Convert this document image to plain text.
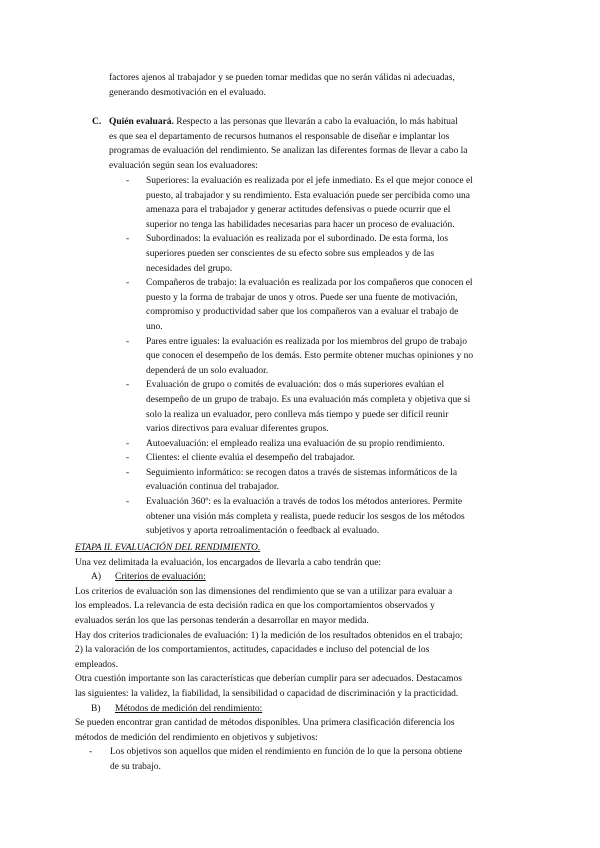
factores ajenos al trabajador y se pueden tomar medidas que no serán válidas ni adecuadas,
generando desmotivación en el evaluado.
C. Quién evaluará. Respecto a las personas que llevarán a cabo la evaluación, lo más habitual
es que sea el departamento de recursos humanos el responsable de diseñar e implantar los
programas de evaluación del rendimiento. Se analizan las diferentes formas de llevar a cabo la
evaluación según sean los evaluadores:
- Superiores: la evaluación es realizada por el jefe inmediato. Es el que mejor conoce el
puesto, al trabajador y su rendimiento. Esta evaluación puede ser percibida como una
amenaza para el trabajador y generar actitudes defensivas o puede ocurrir que el
superior no tenga las habilidades necesarias para hacer un proceso de evaluación.
- Subordinados: la evaluación es realizada por el subordinado. De esta forma, los
superiores pueden ser conscientes de su efecto sobre sus empleados y de las
necesidades del grupo.
- Compañeros de trabajo: la evaluación es realizada por los compañeros que conocen el
puesto y la forma de trabajar de unos y otros. Puede ser una fuente de motivación,
compromiso y productividad saber que los compañeros van a evaluar el trabajo de
uno.
- Pares entre iguales: la evaluación es realizada por los miembros del grupo de trabajo
que conocen el desempeño de los demás. Esto permite obtener muchas opiniones y no
dependerá de un solo evaluador.
- Evaluación de grupo o comités de evaluación: dos o más superiores evalúan el
desempeño de un grupo de trabajo. Es una evaluación más completa y objetiva que si
solo la realiza un evaluador, pero conlleva más tiempo y puede ser difícil reunir
varios directivos para evaluar diferentes grupos.
- Autoevaluación: el empleado realiza una evaluación de su propio rendimiento.
- Clientes: el cliente evalúa el desempeño del trabajador.
- Seguimiento informático: se recogen datos a través de sistemas informáticos de la
evaluación continua del trabajador.
- Evaluación 360º: es la evaluación a través de todos los métodos anteriores. Permite
obtener una visión más completa y realista, puede reducir los sesgos de los métodos
subjetivos y aporta retroalimentación o feedback al evaluado.
ETAPA II. EVALUACIÓN DEL RENDIMIENTO.

Una vez delimitada la evaluación, los encargados de llevarla a cabo tendrán que:

A) Criterios de evaluación:

Los criterios de evaluación son las dimensiones del rendimiento que se van a utilizar para evaluar a
los empleados. La relevancia de esta decisión radica en que los comportamientos observados y
evaluados serán los que las personas tenderán a desarrollar en mayor medida.

Hay dos criterios tradicionales de evaluación: 1) la medición de los resultados obtenidos en el trabajo;
2) la valoración de los comportamientos, actitudes, capacidades e incluso del potencial de los
empleados.

Otra cuestión importante son las características que deberían cumplir para ser adecuados. Destacamos
las siguientes: la validez, la fiabilidad, la sensibilidad o capacidad de discriminación y la practicidad.

B) Métodos de medición del rendimiento:

Se pueden encontrar gran cantidad de métodos disponibles. Una primera clasificación diferencia los
métodos de medición del rendimiento en objetivos y subjetivos:

- Los objetivos son aquellos que miden el rendimiento en función de lo que la persona obtiene
de su trabajo.
